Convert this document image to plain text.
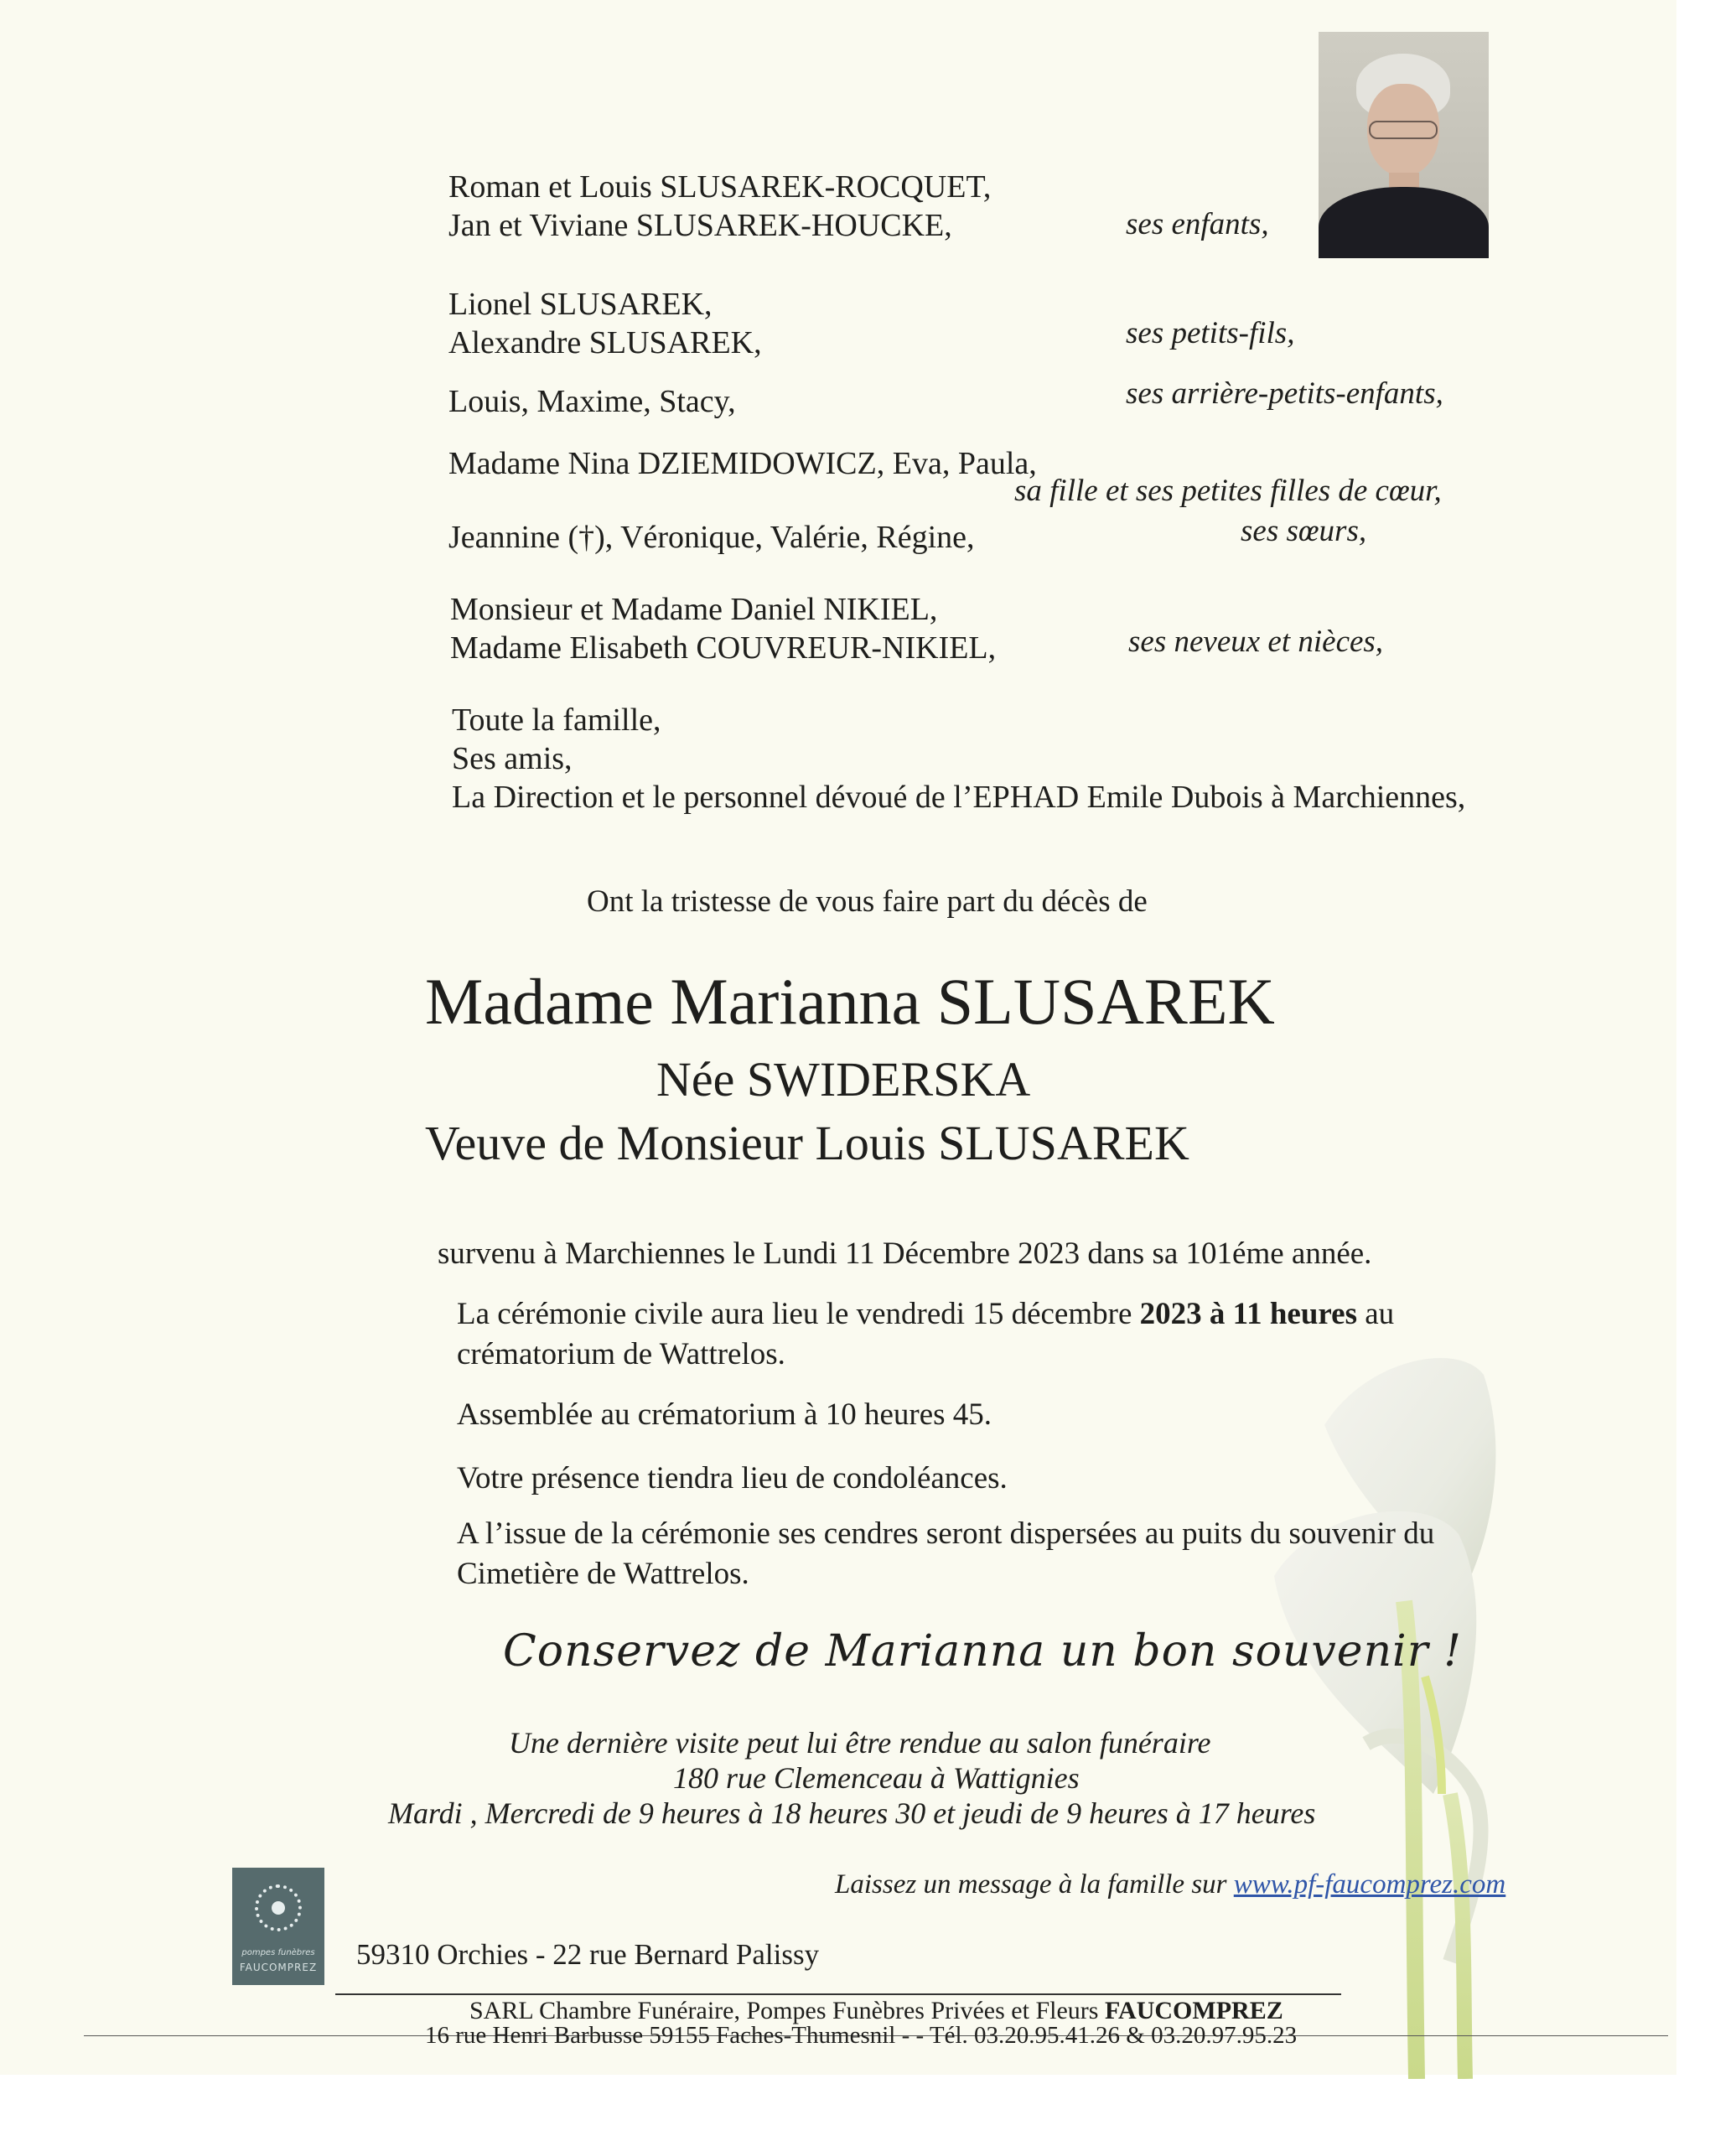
Roman et Louis SLUSAREK-ROCQUET,
Jan et Viviane SLUSAREK-HOUCKE,	ses enfants,
Lionel SLUSAREK,
Alexandre SLUSAREK,	ses petits-fils,
Louis, Maxime, Stacy,	ses arrière-petits-enfants,
Madame Nina DZIEMIDOWICZ, Eva, Paula,
sa fille et ses petites filles de cœur,
Jeannine (†), Véronique, Valérie, Régine,	ses sœurs,
Monsieur et Madame Daniel NIKIEL,
Madame Elisabeth COUVREUR-NIKIEL,	ses neveux et nièces,
Toute la famille,
Ses amis,
La Direction et le personnel dévoué de l’EPHAD Emile Dubois à Marchiennes,
Ont la tristesse de vous faire part du décès de
Madame Marianna SLUSAREK
Née SWIDERSKA
Veuve de Monsieur Louis SLUSAREK
survenu à Marchiennes le Lundi 11 Décembre 2023 dans sa 101éme année.
La cérémonie civile aura lieu le vendredi 15 décembre 2023 à 11 heures au
crématorium de Wattrelos.
Assemblée au crématorium à 10 heures 45.
Votre présence tiendra lieu de condoléances.
A l’issue de la cérémonie ses cendres seront dispersées au puits du souvenir du
Cimetière de Wattrelos.
Conservez de Marianna un bon souvenir !
Une dernière visite peut lui être rendue au salon funéraire
180 rue Clemenceau à Wattignies
Mardi , Mercredi de 9 heures à 18 heures 30 et jeudi de 9 heures à 17 heures
Laissez un message à la famille sur www.pf-faucomprez.com
pompes funèbres
FAUCOMPREZ 59310 Orchies - 22 rue Bernard Palissy
SARL Chambre Funéraire, Pompes Funèbres Privées et Fleurs FAUCOMPREZ
16 rue Henri Barbusse 59155 Faches-Thumesnil - - Tél. 03.20.95.41.26 & 03.20.97.95.23
